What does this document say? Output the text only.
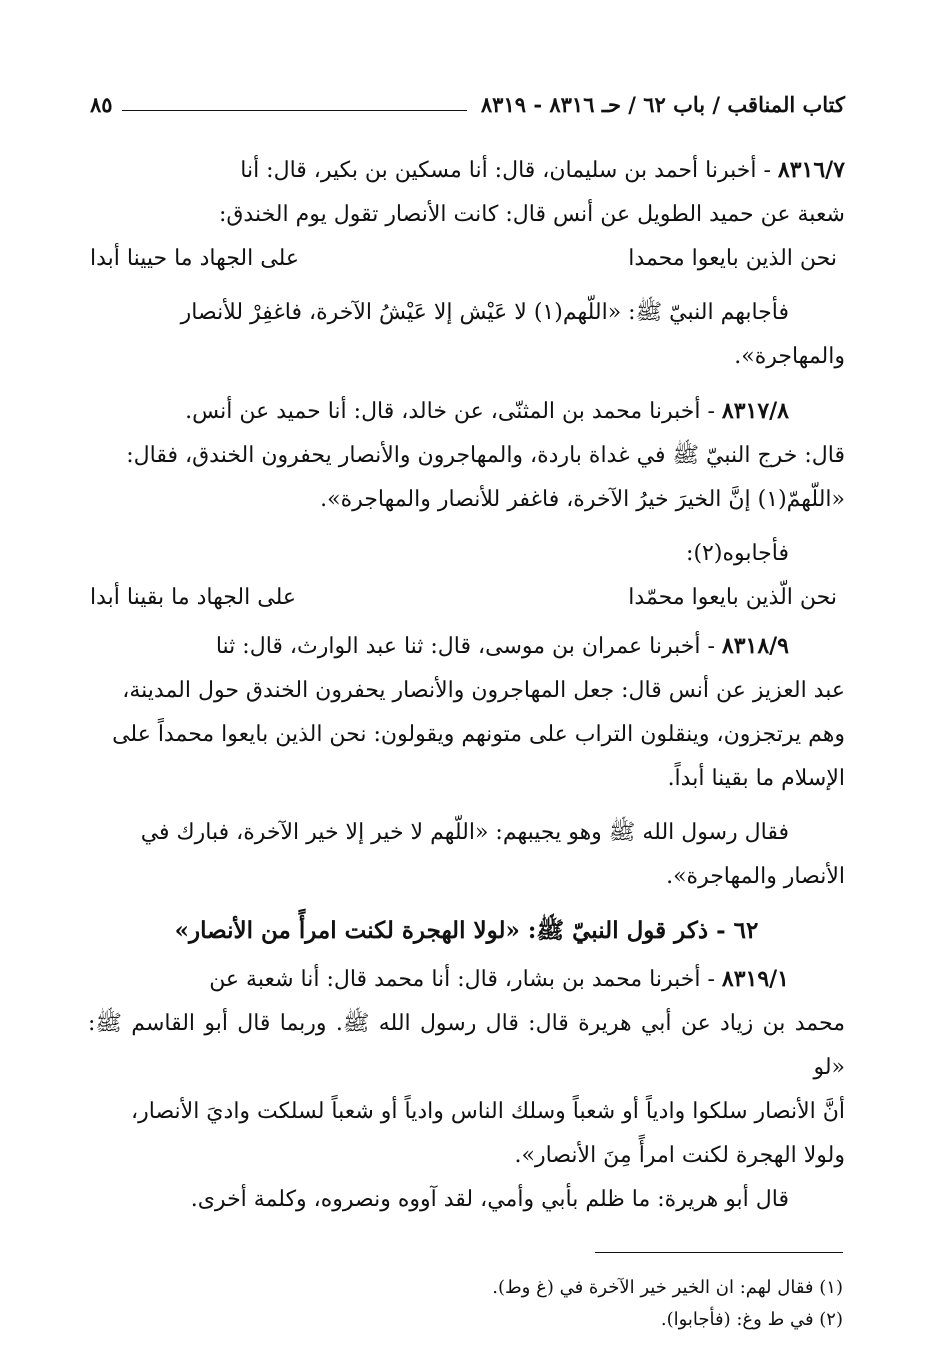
كتاب المناقب / باب ٦٢ / حـ ٨٣١٦ - ٨٣١٩
٨٥

٨٣١٦/٧ - أخبرنا أحمد بن سليمان، قال: أنا مسكين بن بكير، قال: أنا

شعبة عن حميد الطويل عن أنس قال: كانت الأنصار تقول يوم الخندق:

نحن الذين بايعوا محمدا
على الجهاد ما حيينا أبدا

فأجابهم النبيّ ﷺ: «اللّهم(١) لا عَيْش إلا عَيْشُ الآخرة، فاغفِرْ للأنصار

والمهاجرة».

٨٣١٧/٨ - أخبرنا محمد بن المثنّى، عن خالد، قال: أنا حميد عن أنس.

قال: خرج النبيّ ﷺ في غداة باردة، والمهاجرون والأنصار يحفرون الخندق، فقال:

«اللّهمّ(١) إنَّ الخيرَ خيرُ الآخرة، فاغفر للأنصار والمهاجرة».

فأجابوه(٢):

نحن الّذين بايعوا محمّدا
على الجهاد ما بقينا أبدا

٨٣١٨/٩ - أخبرنا عمران بن موسى، قال: ثنا عبد الوارث، قال: ثنا

عبد العزيز عن أنس قال: جعل المهاجرون والأنصار يحفرون الخندق حول المدينة،

وهم يرتجزون، وينقلون التراب على متونهم ويقولون: نحن الذين بايعوا محمداً على

الإسلام ما بقينا أبداً.

فقال رسول الله ﷺ وهو يجيبهم: «اللّهم لا خير إلا خير الآخرة، فبارك في

الأنصار والمهاجرة».

٦٢ - ذكر قول النبيّ ﷺ: «لولا الهجرة لكنت امرأً من الأنصار»

٨٣١٩/١ - أخبرنا محمد بن بشار، قال: أنا محمد قال: أنا شعبة عن

محمد بن زياد عن أبي هريرة قال: قال رسول الله ﷺ. وربما قال أبو القاسم ﷺ: «لو

أنَّ الأنصار سلكوا وادياً أو شعباً وسلك الناس وادياً أو شعباً لسلكت واديَ الأنصار،

ولولا الهجرة لكنت امرأً مِنَ الأنصار».

قال أبو هريرة: ما ظلم بأبي وأمي، لقد آووه ونصروه، وكلمة أخرى.

(١) فقال لهم: ان الخير خير الآخرة في (غ وط).
(٢) في ط وغ: (فأجابوا).
